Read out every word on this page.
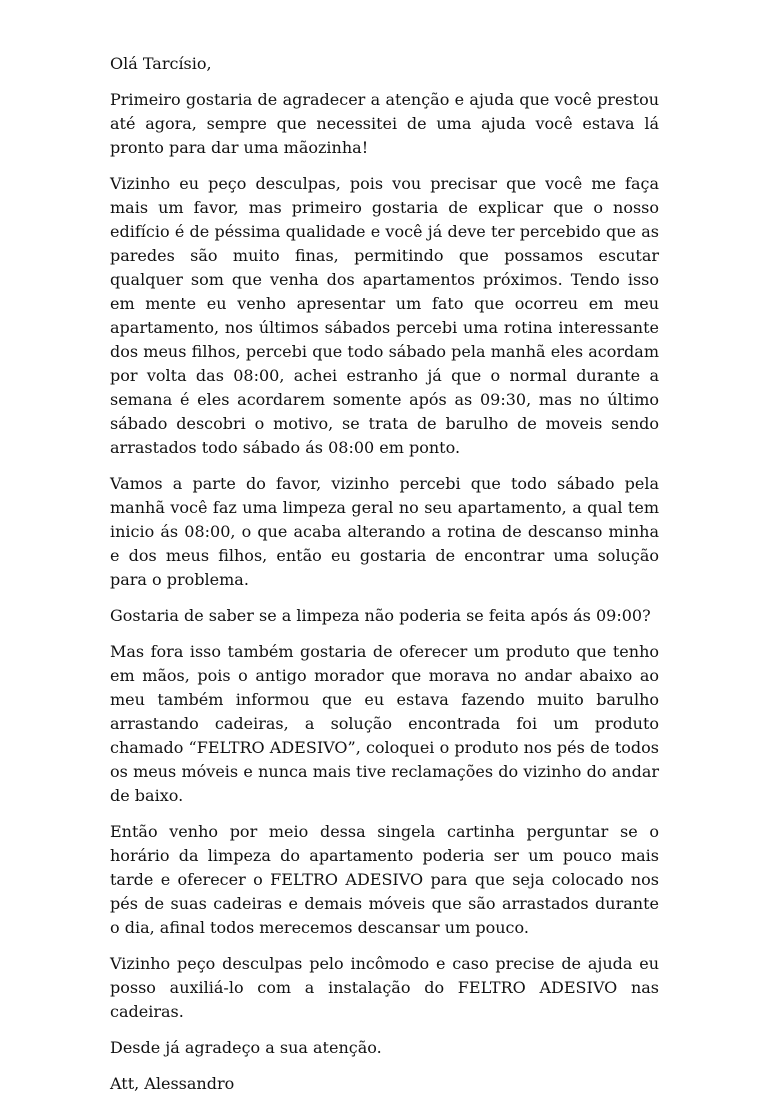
Olá Tarcísio,

Primeiro gostaria de agradecer a atenção e ajuda que você prestou até agora, sempre que necessitei de uma ajuda você estava lá pronto para dar uma mãozinha!

Vizinho eu peço desculpas, pois vou precisar que você me faça mais um favor, mas primeiro gostaria de explicar que o nosso edifício é de péssima qualidade e você já deve ter percebido que as paredes são muito finas, permitindo que possamos escutar qualquer som que venha dos apartamentos próximos. Tendo isso em mente eu venho apresentar um fato que ocorreu em meu apartamento, nos últimos sábados percebi uma rotina interessante dos meus filhos, percebi que todo sábado pela manhã eles acordam por volta das 08:00, achei estranho já que o normal durante a semana é eles acordarem somente após as 09:30, mas no último sábado descobri o motivo, se trata de barulho de moveis sendo arrastados todo sábado ás 08:00 em ponto.

Vamos a parte do favor, vizinho percebi que todo sábado pela manhã você faz uma limpeza geral no seu apartamento, a qual tem inicio ás 08:00, o que acaba alterando a rotina de descanso minha e dos meus filhos, então eu gostaria de encontrar uma solução para o problema.

Gostaria de saber se a limpeza não poderia se feita após ás 09:00?

Mas fora isso também gostaria de oferecer um produto que tenho em mãos, pois o antigo morador que morava no andar abaixo ao meu também informou que eu estava fazendo muito barulho arrastando cadeiras, a solução encontrada foi um produto chamado “FELTRO ADESIVO”, coloquei o produto nos pés de todos os meus móveis e nunca mais tive reclamações do vizinho do andar de baixo.

Então venho por meio dessa singela cartinha perguntar se o horário da limpeza do apartamento poderia ser um pouco mais tarde e oferecer o FELTRO ADESIVO para que seja colocado nos pés de suas cadeiras e demais móveis que são arrastados durante o dia, afinal todos merecemos descansar um pouco.

Vizinho peço desculpas pelo incômodo e caso precise de ajuda eu posso auxiliá-lo com a instalação do FELTRO ADESIVO nas cadeiras.

Desde já agradeço a sua atenção.

Att, Alessandro
